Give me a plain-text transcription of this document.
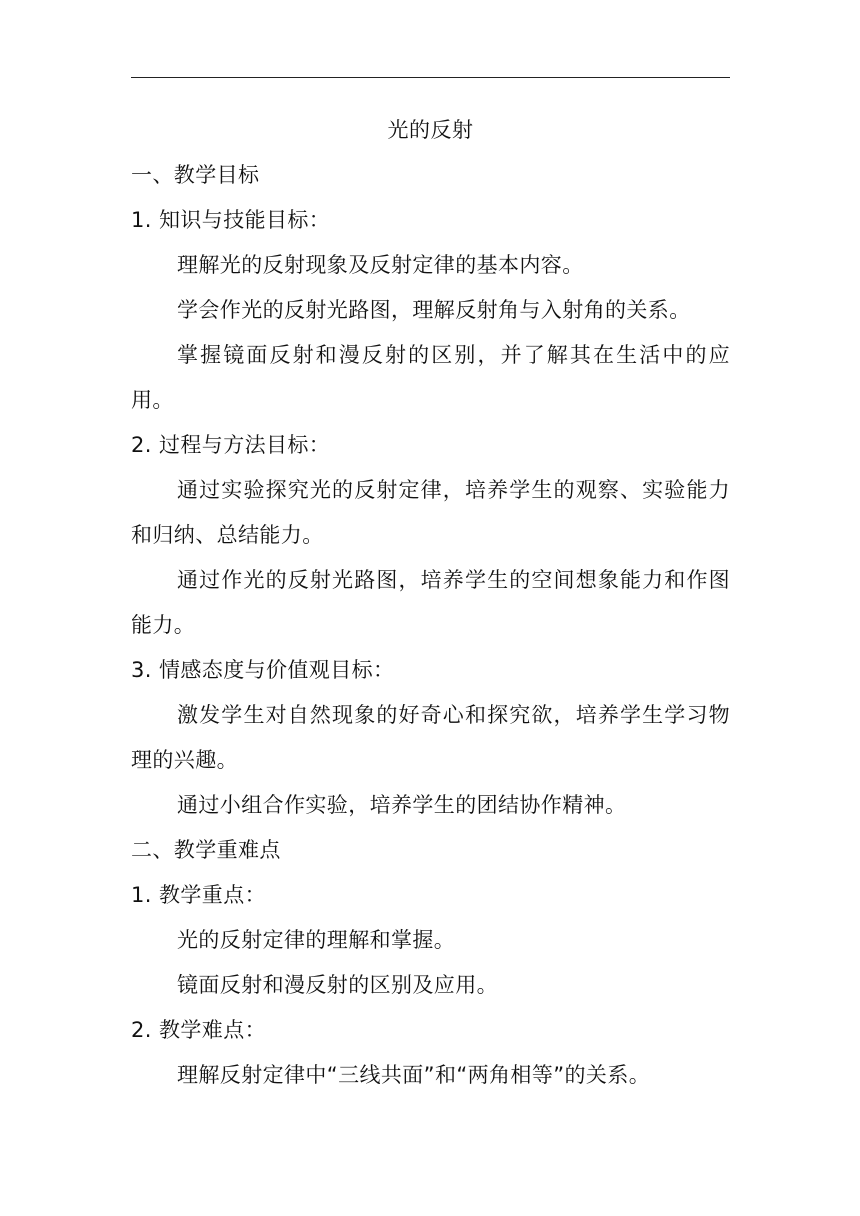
光的反射
一、教学目标
1. 知识与技能目标：
理解光的反射现象及反射定律的基本内容。
学会作光的反射光路图，理解反射角与入射角的关系。
掌握镜面反射和漫反射的区别，并了解其在生活中的应用。
2. 过程与方法目标：
通过实验探究光的反射定律，培养学生的观察、实验能力和归纳、总结能力。
通过作光的反射光路图，培养学生的空间想象能力和作图能力。
3. 情感态度与价值观目标：
激发学生对自然现象的好奇心和探究欲，培养学生学习物理的兴趣。
通过小组合作实验，培养学生的团结协作精神。
二、教学重难点
1. 教学重点：
光的反射定律的理解和掌握。
镜面反射和漫反射的区别及应用。
2. 教学难点：
理解反射定律中“三线共面”和“两角相等”的关系。
